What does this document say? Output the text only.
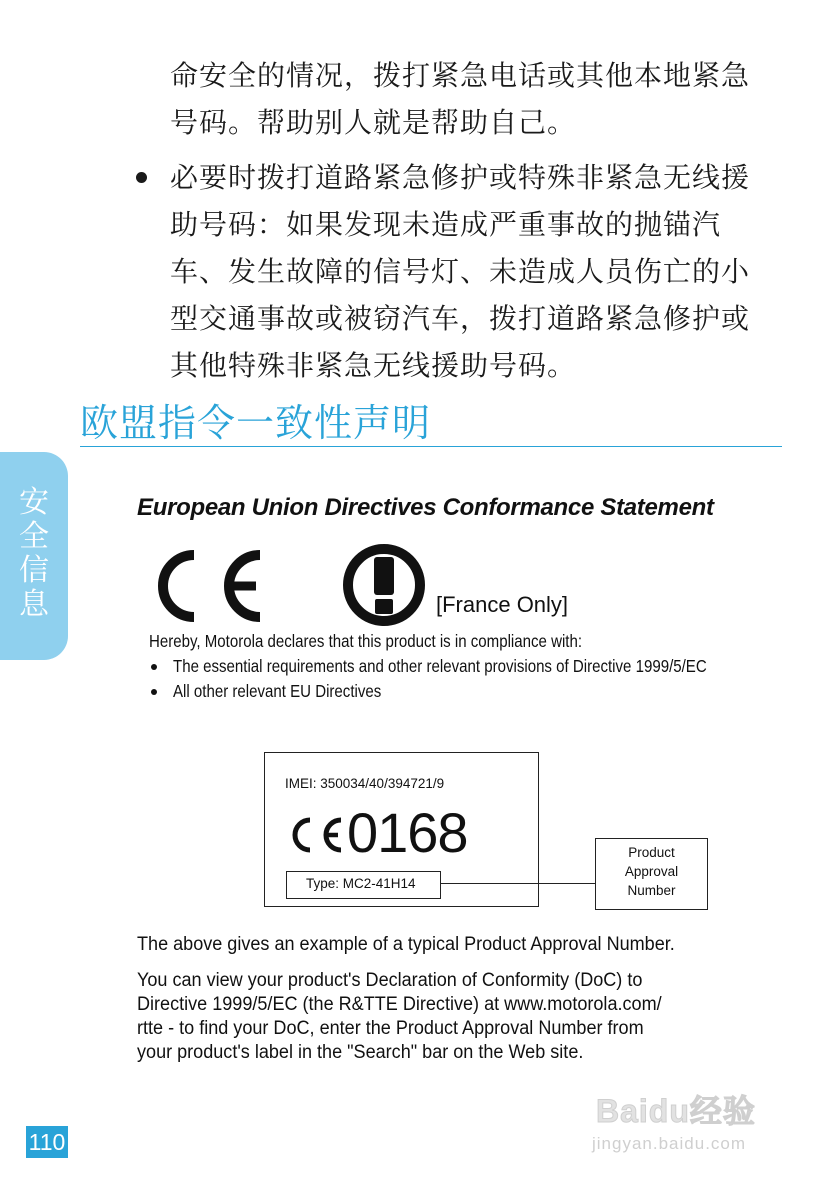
命安全的情况，拨打紧急电话或其他本地紧急
号码。帮助别人就是帮助自己。
必要时拨打道路紧急修护或特殊非紧急无线援
助号码：如果发现未造成严重事故的抛锚汽
车、发生故障的信号灯、未造成人员伤亡的小
型交通事故或被窃汽车，拨打道路紧急修护或
其他特殊非紧急无线援助号码。
欧盟指令一致性声明
安全信息
European Union Directives Conformance Statement
[France Only]
Hereby, Motorola declares that this product is in compliance with:
The essential requirements and other relevant provisions of Directive 1999/5/EC
All other relevant EU Directives
IMEI: 350034/40/394721/9
0168
Type: MC2-41H14
Product
Approval
Number
The above gives an example of a typical Product Approval Number.
You can view your product's Declaration of Conformity (DoC) to
Directive 1999/5/EC (the R&TTE Directive) at www.motorola.com/
rtte - to find your DoC, enter the Product Approval Number from
your product's label in the "Search" bar on the Web site.
110
Baidu经验
jingyan.baidu.com
